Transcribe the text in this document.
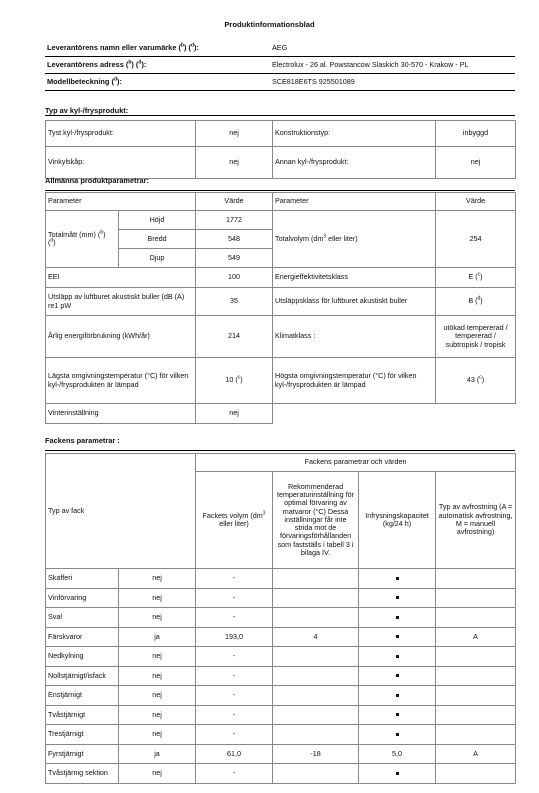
Produktinformationsblad
Leverantörens namn eller varumärke ($^b$) ($^d$):	AEG
Leverantörens adress ($^b$) ($^d$):	Electrolux - 26 al. Powstancow Slaskich 30-570 - Krakow - PL
Modellbeteckning ($^d$):	SCE818E6TS 925501089
Typ av kyl-/frysprodukt:
Tyst kyl-/frysprodukt:	nej	Konstruktionstyp:	inbyggd
Vinkylskåp:	nej	Annan kyl-/frysprodukt:	nej
Allmänna produktparametrar:
Parameter		Värde	Parameter	Värde
Totalmått (mm) ($^b$)
($^d$)	Höjd	1772	Totalvolym ($dm^3$ eller liter)	254
	Bredd	548		
	Djup	549		
EEI		100	Energieffektivitetsklass	E ($^c$)
Utsläpp av luftburet akustiskt buller (dB (A) re1 pW		35	Utsläppsklass för luftburet akustiskt buller	B ($^d$)
Årlig energiförbrukning (kWh/år)		214	Klimatklass :	utökad tempererad / tempererad / subtropisk / tropisk
Lägsta omgivningstemperatur (°C) för vilken kyl-/frysprodukten är lämpad		10 ($^c$)	Högsta omgivningstemperatur (°C) för vilken kyl-/frysprodukten är lämpad	43 ($^c$)
Vinterinställning		nej		
Fackens parametrar :
Typ av fack		Fackens parametrar och värden			
		Fackets volym ($dm^3$ eller liter)	Rekommenderad temperaturinställning för optimal förvaring av matvaror (°C) Dessa inställningar får inte strida mot de förvaringsförhållanden som fastställs i tabell 3 i bilaga IV.	Infrysningskapacitet (kg/24 h)	Typ av avfrostning (A = automatisk avfrostning, M = manuell avfrostning)
Skafferi	nej	-			
Vinförvaring	nej	-			
Sval	nej	-			
Färskvaror	ja	193,0	4		A
Nedkylning	nej	-			
Nollstjärnigt/isfack	nej	-			
Enstjärnigt	nej	-			
Tvåstjärnigt	nej	-			
Trestjärnigt	nej	-			
Fyrstjärnigt	ja	61,0	-18	5,0	A
Tvåstjärnig sektion	nej	-			
